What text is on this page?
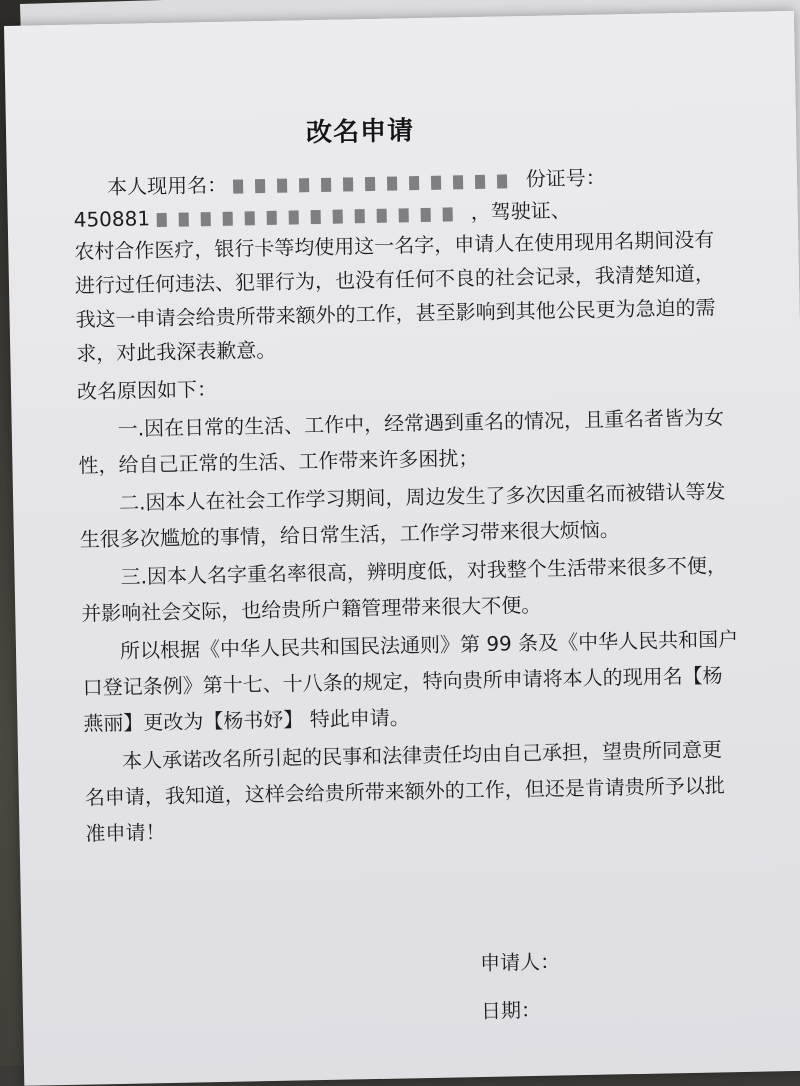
改名申请
本人现用名：	份证号：
450881	，驾驶证、
农村合作医疗，银行卡等均使用这一名字，申请人在使用现用名期间没有
进行过任何违法、犯罪行为，也没有任何不良的社会记录，我清楚知道，
我这一申请会给贵所带来额外的工作，甚至影响到其他公民更为急迫的需
求，对此我深表歉意。
改名原因如下：
一.因在日常的生活、工作中，经常遇到重名的情况，且重名者皆为女
性，给自己正常的生活、工作带来许多困扰；
二.因本人在社会工作学习期间，周边发生了多次因重名而被错认等发
生很多次尴尬的事情，给日常生活，工作学习带来很大烦恼。
三.因本人名字重名率很高，辨明度低，对我整个生活带来很多不便，
并影响社会交际，也给贵所户籍管理带来很大不便。
所以根据《中华人民共和国民法通则》第 99 条及《中华人民共和国户
口登记条例》第十七、十八条的规定，特向贵所申请将本人的现用名【杨
燕丽】更改为【杨书妤】 特此申请。
本人承诺改名所引起的民事和法律责任均由自己承担，望贵所同意更
名申请，我知道，这样会给贵所带来额外的工作，但还是肯请贵所予以批
准申请！
申请人：
日期：
